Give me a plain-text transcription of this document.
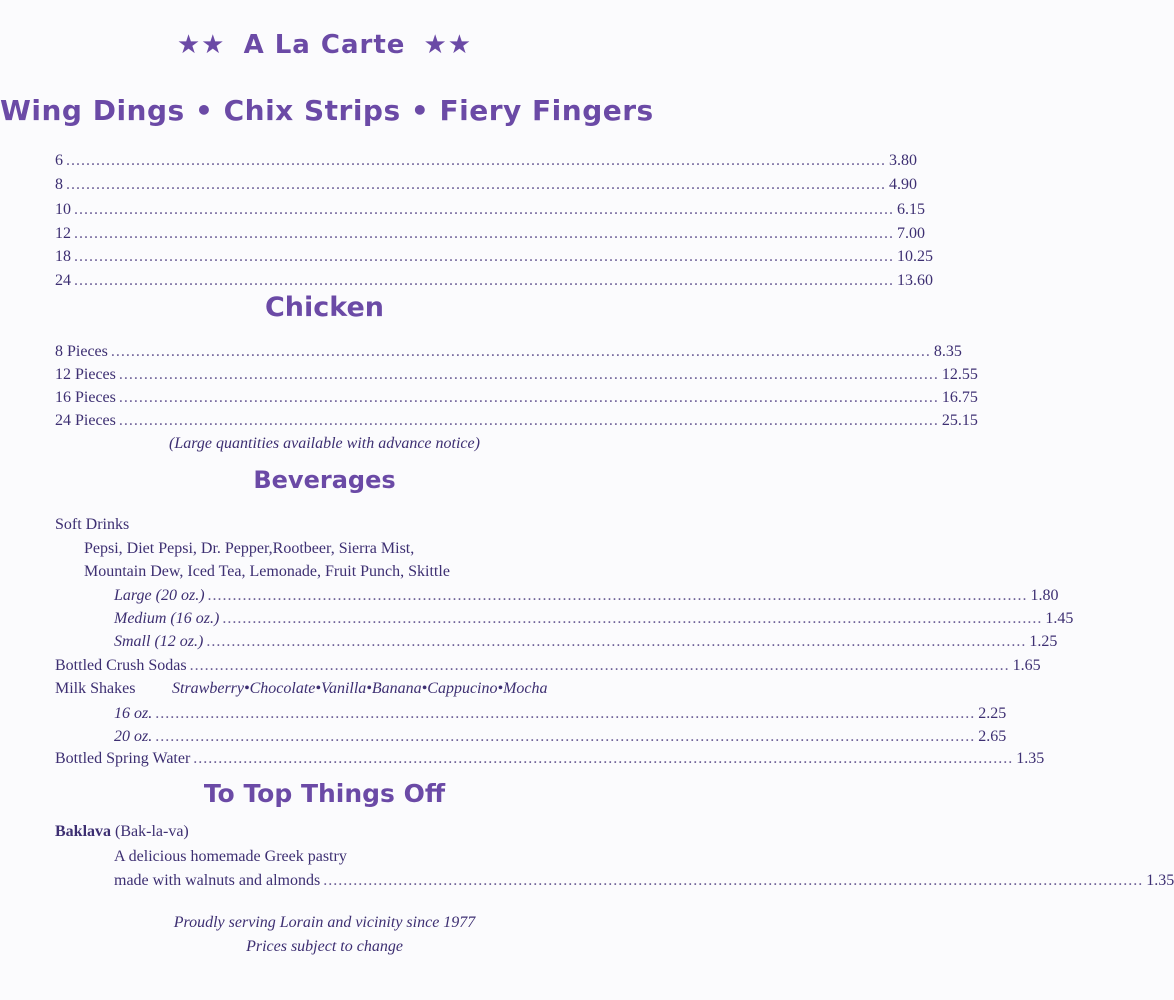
★★ A La Carte ★★
Wing Dings • Chix Strips • Fiery Fingers
6 .................................................................................................................................................................... 3.80
8 .................................................................................................................................................................... 4.90
10 .................................................................................................................................................................... 6.15
12 .................................................................................................................................................................... 7.00
18 .................................................................................................................................................................... 10.25
24 .................................................................................................................................................................... 13.60
Chicken
8 Pieces .................................................................................................................................................................... 8.35
12 Pieces .................................................................................................................................................................... 12.55
16 Pieces .................................................................................................................................................................... 16.75
24 Pieces .................................................................................................................................................................... 25.15
(Large quantities available with advance notice)
Beverages
Soft Drinks
Pepsi, Diet Pepsi, Dr. Pepper,Rootbeer, Sierra Mist,
Mountain Dew, Iced Tea, Lemonade, Fruit Punch, Skittle
Large (20 oz.) .................................................................................................................................................................... 1.80
Medium (16 oz.) .................................................................................................................................................................... 1.45
Small (12 oz.) .................................................................................................................................................................... 1.25
Bottled Crush Sodas .................................................................................................................................................................... 1.65
Milk Shakes Strawberry•Chocolate•Vanilla•Banana•Cappucino•Mocha
16 oz. .................................................................................................................................................................... 2.25
20 oz. .................................................................................................................................................................... 2.65
Bottled Spring Water .................................................................................................................................................................... 1.35
To Top Things Off
Baklava (Bak-la-va)
A delicious homemade Greek pastry
made with walnuts and almonds .................................................................................................................................................................... 1.35
Proudly serving Lorain and vicinity since 1977
Prices subject to change
